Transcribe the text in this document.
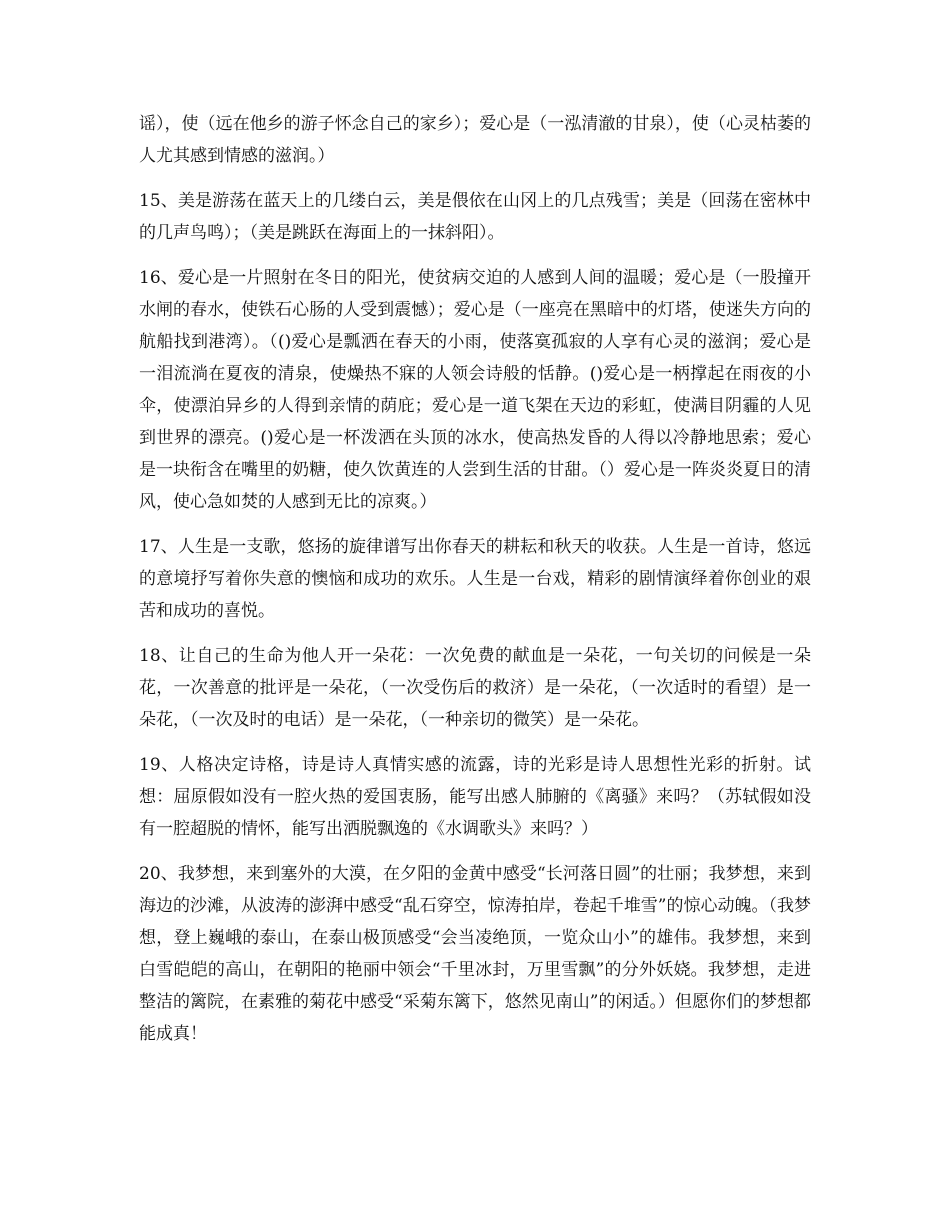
谣），使（远在他乡的游子怀念自己的家乡）；爱心是（一泓清澈的甘泉），使（心灵枯萎的人尤其感到情感的滋润。）

15、美是游荡在蓝天上的几缕白云，美是偎依在山冈上的几点残雪；美是（回荡在密林中的几声鸟鸣）；（美是跳跃在海面上的一抹斜阳）。

16、爱心是一片照射在冬日的阳光，使贫病交迫的人感到人间的温暖；爱心是（一股撞开水闸的春水，使铁石心肠的人受到震憾）；爱心是（一座亮在黑暗中的灯塔，使迷失方向的航船找到港湾）。（()爱心是瓢洒在春天的小雨，使落寞孤寂的人享有心灵的滋润；爱心是一泪流淌在夏夜的清泉，使燥热不寐的人领会诗般的恬静。()爱心是一柄撑起在雨夜的小伞，使漂泊异乡的人得到亲情的荫庇；爱心是一道飞架在天边的彩虹，使满目阴霾的人见到世界的漂亮。()爱心是一杯泼洒在头顶的冰水，使高热发昏的人得以冷静地思索；爱心是一块衔含在嘴里的奶糖，使久饮黄连的人尝到生活的甘甜。（）爱心是一阵炎炎夏日的清风，使心急如焚的人感到无比的凉爽。）

17、人生是一支歌，悠扬的旋律谱写出你春天的耕耘和秋天的收获。人生是一首诗，悠远的意境抒写着你失意的懊恼和成功的欢乐。人生是一台戏，精彩的剧情演绎着你创业的艰苦和成功的喜悦。

18、让自己的生命为他人开一朵花：一次免费的献血是一朵花，一句关切的问候是一朵花，一次善意的批评是一朵花，（一次受伤后的救济）是一朵花，（一次适时的看望）是一朵花，（一次及时的电话）是一朵花，（一种亲切的微笑）是一朵花。

19、人格决定诗格，诗是诗人真情实感的流露，诗的光彩是诗人思想性光彩的折射。试想：屈原假如没有一腔火热的爱国衷肠，能写出感人肺腑的《离骚》来吗？（苏轼假如没有一腔超脱的情怀，能写出洒脱飘逸的《水调歌头》来吗？）

20、我梦想，来到塞外的大漠，在夕阳的金黄中感受“长河落日圆”的壮丽；我梦想，来到海边的沙滩，从波涛的澎湃中感受“乱石穿空，惊涛拍岸，卷起千堆雪”的惊心动魄。（我梦想，登上巍峨的泰山，在泰山极顶感受“会当凌绝顶，一览众山小”的雄伟。我梦想，来到白雪皑皑的高山，在朝阳的艳丽中领会“千里冰封，万里雪飘”的分外妖娆。我梦想，走进整洁的篱院，在素雅的菊花中感受“采菊东篱下，悠然见南山”的闲适。）但愿你们的梦想都能成真！
